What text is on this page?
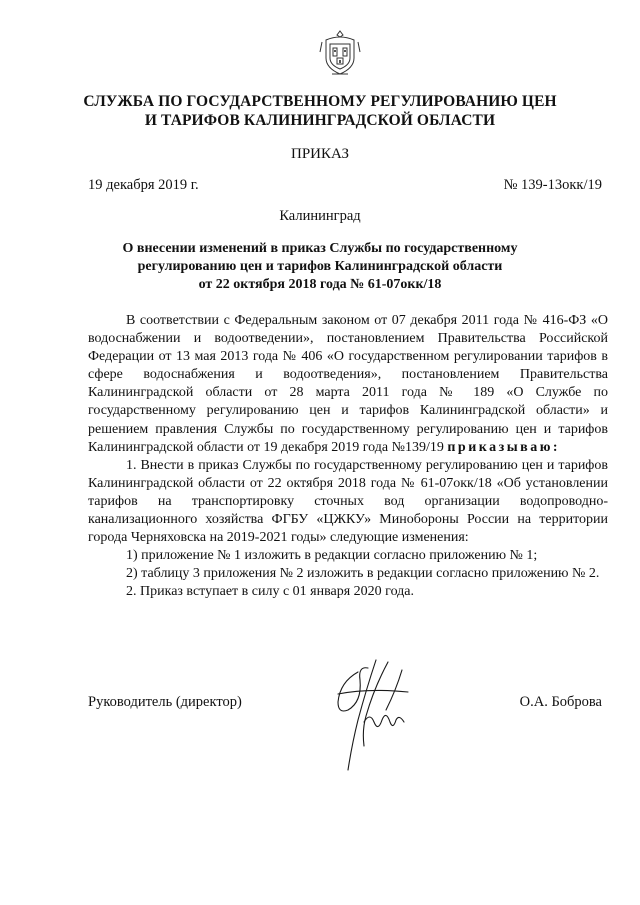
СЛУЖБА ПО ГОСУДАРСТВЕННОМУ РЕГУЛИРОВАНИЮ ЦЕН
И ТАРИФОВ КАЛИНИНГРАДСКОЙ ОБЛАСТИ
ПРИКАЗ
19 декабря 2019 г.	№ 139-13окк/19
Калининград
О внесении изменений в приказ Службы по государственному
регулированию цен и тарифов Калининградской области
от 22 октября 2018 года № 61-07окк/18

В соответствии с Федеральным законом от 07 декабря 2011 года № 416-ФЗ «О водоснабжении и водоотведении», постановлением Правительства Российской Федерации от 13 мая 2013 года № 406 «О государственном регулировании тарифов в сфере водоснабжения и водоотведения», постановлением Правительства Калининградской области от 28 марта 2011 года № 189 «О Службе по государственному регулированию цен и тарифов Калининградской области» и решением правления Службы по государственному регулированию цен и тарифов Калининградской области от 19 декабря 2019 года №139/19 приказываю:

1. Внести в приказ Службы по государственному регулированию цен и тарифов Калининградской области от 22 октября 2018 года № 61-07окк/18 «Об установлении тарифов на транспортировку сточных вод организации водопроводно-канализационного хозяйства ФГБУ «ЦЖКУ» Минобороны России на территории города Черняховска на 2019-2021 годы» следующие изменения:

1) приложение № 1 изложить в редакции согласно приложению № 1;

2) таблицу 3 приложения № 2 изложить в редакции согласно приложению № 2.

2. Приказ вступает в силу с 01 января 2020 года.

Руководитель (директор)	О.А. Боброва
